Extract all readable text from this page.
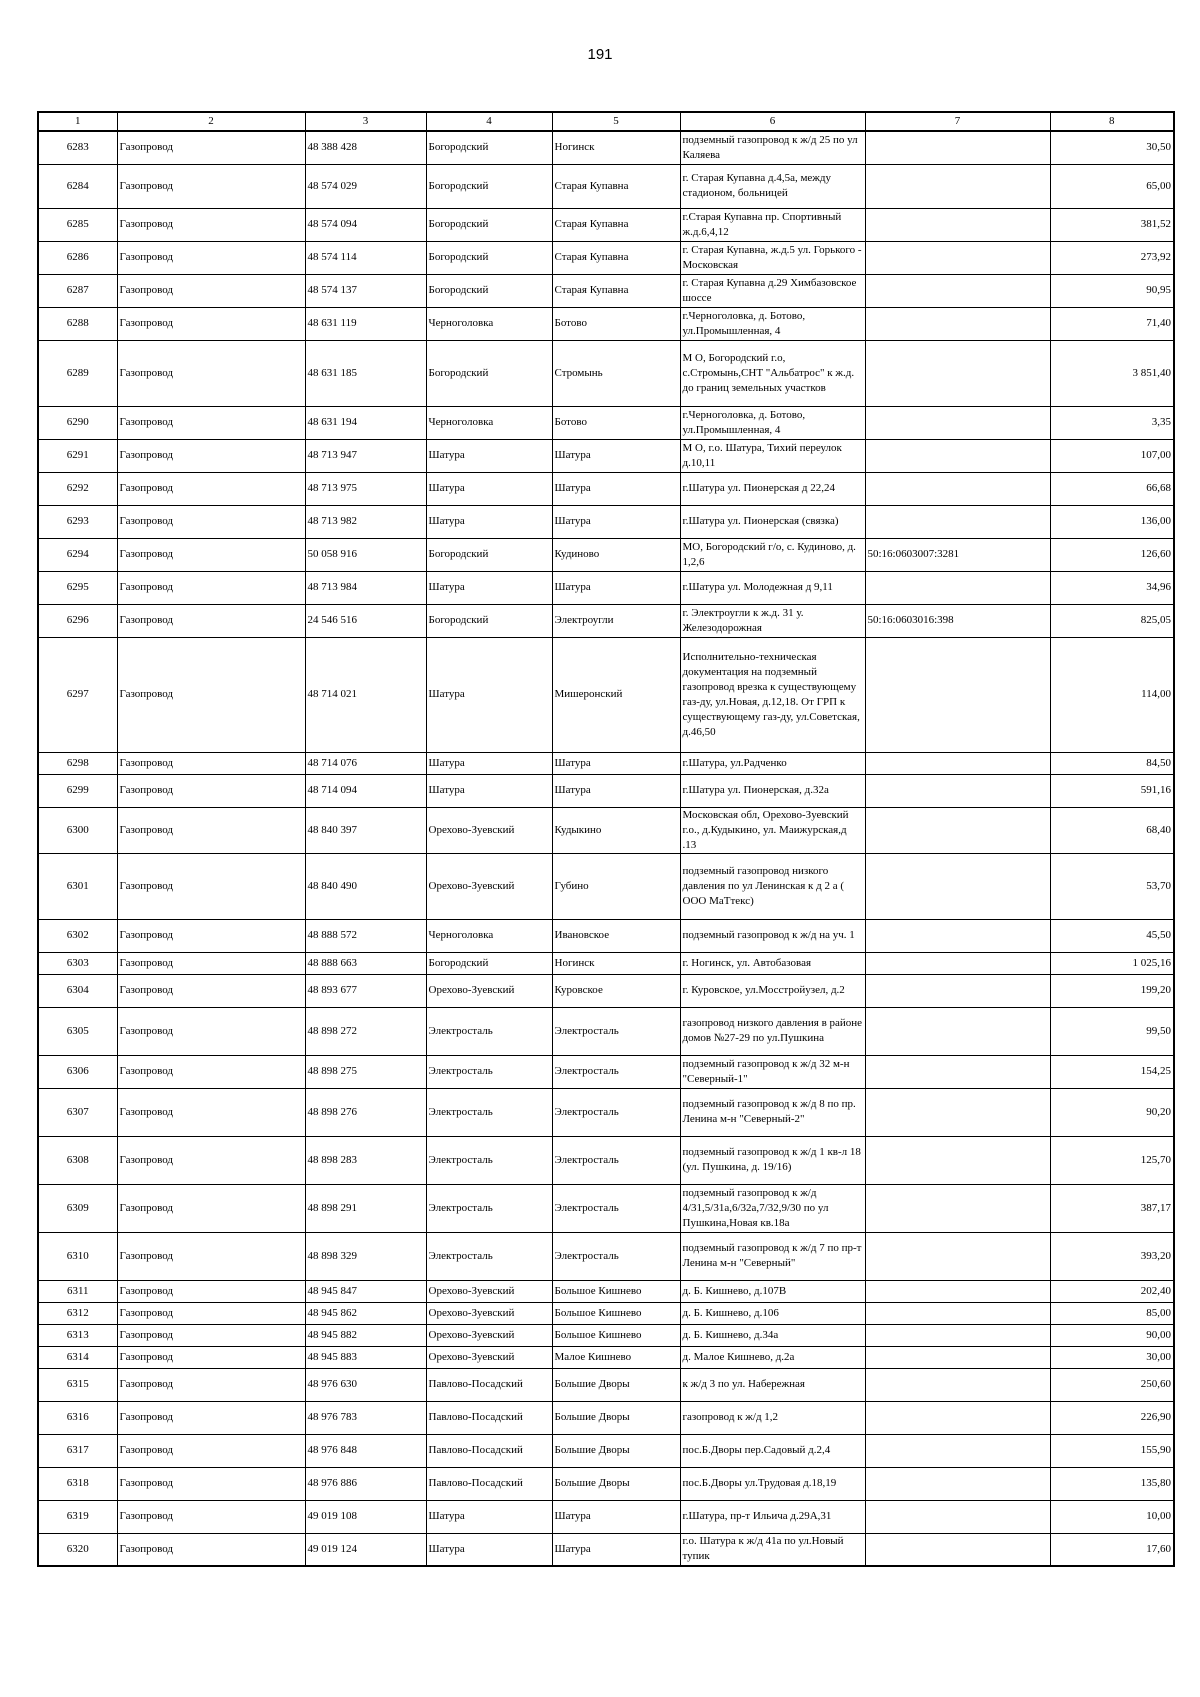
191
1	2	3	4	5	6	7	8
6283	Газопровод	48 388 428	Богородский	Ногинск	подземный газопровод к ж/д 25 по ул Каляева		30,50
6284	Газопровод	48 574 029	Богородский	Старая Купавна	г. Старая Купавна д.4,5а, между стадионом, больницей		65,00
6285	Газопровод	48 574 094	Богородский	Старая Купавна	г.Старая Купавна пр. Спортивный ж.д.6,4,12		381,52
6286	Газопровод	48 574 114	Богородский	Старая Купавна	г. Старая Купавна, ж.д.5 ул. Горького - Московская		273,92
6287	Газопровод	48 574 137	Богородский	Старая Купавна	г. Старая Купавна д.29 Химбазовское шоссе		90,95
6288	Газопровод	48 631 119	Черноголовка	Ботово	г.Черноголовка, д. Ботово, ул.Промышленная, 4		71,40
6289	Газопровод	48 631 185	Богородский	Стромынь	М О, Богородский г.о, с.Стромынь,СНТ "Альбатрос" к ж.д. до границ земельных участков		3 851,40
6290	Газопровод	48 631 194	Черноголовка	Ботово	г.Черноголовка, д. Ботово, ул.Промышленная, 4		3,35
6291	Газопровод	48 713 947	Шатура	Шатура	М О, г.о. Шатура, Тихий переулок д.10,11		107,00
6292	Газопровод	48 713 975	Шатура	Шатура	г.Шатура ул. Пионерская д 22,24		66,68
6293	Газопровод	48 713 982	Шатура	Шатура	г.Шатура ул. Пионерская (связка)		136,00
6294	Газопровод	50 058 916	Богородский	Кудиново	МО, Богородский г/о, с. Кудиново, д. 1,2,6	50:16:0603007:3281	126,60
6295	Газопровод	48 713 984	Шатура	Шатура	г.Шатура ул. Молодежная д 9,11		34,96
6296	Газопровод	24 546 516	Богородский	Электроугли	г. Электроугли к ж.д. 31 у. Железодорожная	50:16:0603016:398	825,05
6297	Газопровод	48 714 021	Шатура	Мишеронский	Исполнительно-техническая документация на подземный газопровод врезка к существующему газ-ду, ул.Новая, д.12,18. От ГРП к существующему газ-ду, ул.Советская, д.46,50		114,00
6298	Газопровод	48 714 076	Шатура	Шатура	г.Шатура, ул.Радченко		84,50
6299	Газопровод	48 714 094	Шатура	Шатура	г.Шатура ул. Пионерская, д.32а		591,16
6300	Газопровод	48 840 397	Орехово-Зуевский	Кудыкино	Московская обл, Орехово-Зуевский г.о., д.Кудыкино, ул. Маижурская,д .13		68,40
6301	Газопровод	48 840 490	Орехово-Зуевский	Губино	подземный газопровод низкого давления по ул Ленинская к д 2 а ( ООО МаТтекс)		53,70
6302	Газопровод	48 888 572	Черноголовка	Ивановское	подземный газопровод к ж/д на уч. 1		45,50
6303	Газопровод	48 888 663	Богородский	Ногинск	г. Ногинск, ул. Автобазовая		1 025,16
6304	Газопровод	48 893 677	Орехово-Зуевский	Куровское	г. Куровское, ул.Мосстройузел, д.2		199,20
6305	Газопровод	48 898 272	Электросталь	Электросталь	газопровод низкого давления в районе домов №27-29 по ул.Пушкина		99,50
6306	Газопровод	48 898 275	Электросталь	Электросталь	подземный газопровод к ж/д 32 м-н "Северный-1"		154,25
6307	Газопровод	48 898 276	Электросталь	Электросталь	подземный газопровод к ж/д 8 по пр. Ленина м-н "Северный-2"		90,20
6308	Газопровод	48 898 283	Электросталь	Электросталь	подземный газопровод к ж/д 1 кв-л 18 (ул. Пушкина, д. 19/16)		125,70
6309	Газопровод	48 898 291	Электросталь	Электросталь	подземный газопровод к ж/д 4/31,5/31а,6/32а,7/32,9/30 по ул Пушкина,Новая кв.18а		387,17
6310	Газопровод	48 898 329	Электросталь	Электросталь	подземный газопровод к ж/д 7 по пр-т Ленина м-н "Северный"		393,20
6311	Газопровод	48 945 847	Орехово-Зуевский	Большое Кишнево	д. Б. Кишнево, д.107В		202,40
6312	Газопровод	48 945 862	Орехово-Зуевский	Большое Кишнево	д. Б. Кишнево, д.106		85,00
6313	Газопровод	48 945 882	Орехово-Зуевский	Большое Кишнево	д. Б. Кишнево, д.34а		90,00
6314	Газопровод	48 945 883	Орехово-Зуевский	Малое Кишнево	д. Малое Кишнево, д.2а		30,00
6315	Газопровод	48 976 630	Павлово-Посадский	Большие Дворы	к ж/д 3 по ул. Набережная		250,60
6316	Газопровод	48 976 783	Павлово-Посадский	Большие Дворы	газопровод к ж/д 1,2		226,90
6317	Газопровод	48 976 848	Павлово-Посадский	Большие Дворы	пос.Б.Дворы пер.Садовый д.2,4		155,90
6318	Газопровод	48 976 886	Павлово-Посадский	Большие Дворы	пос.Б.Дворы ул.Трудовая д.18,19		135,80
6319	Газопровод	49 019 108	Шатура	Шатура	г.Шатура, пр-т Ильича д.29А,31		10,00
6320	Газопровод	49 019 124	Шатура	Шатура	г.о. Шатура к ж/д 41а по ул.Новый тупик		17,60
